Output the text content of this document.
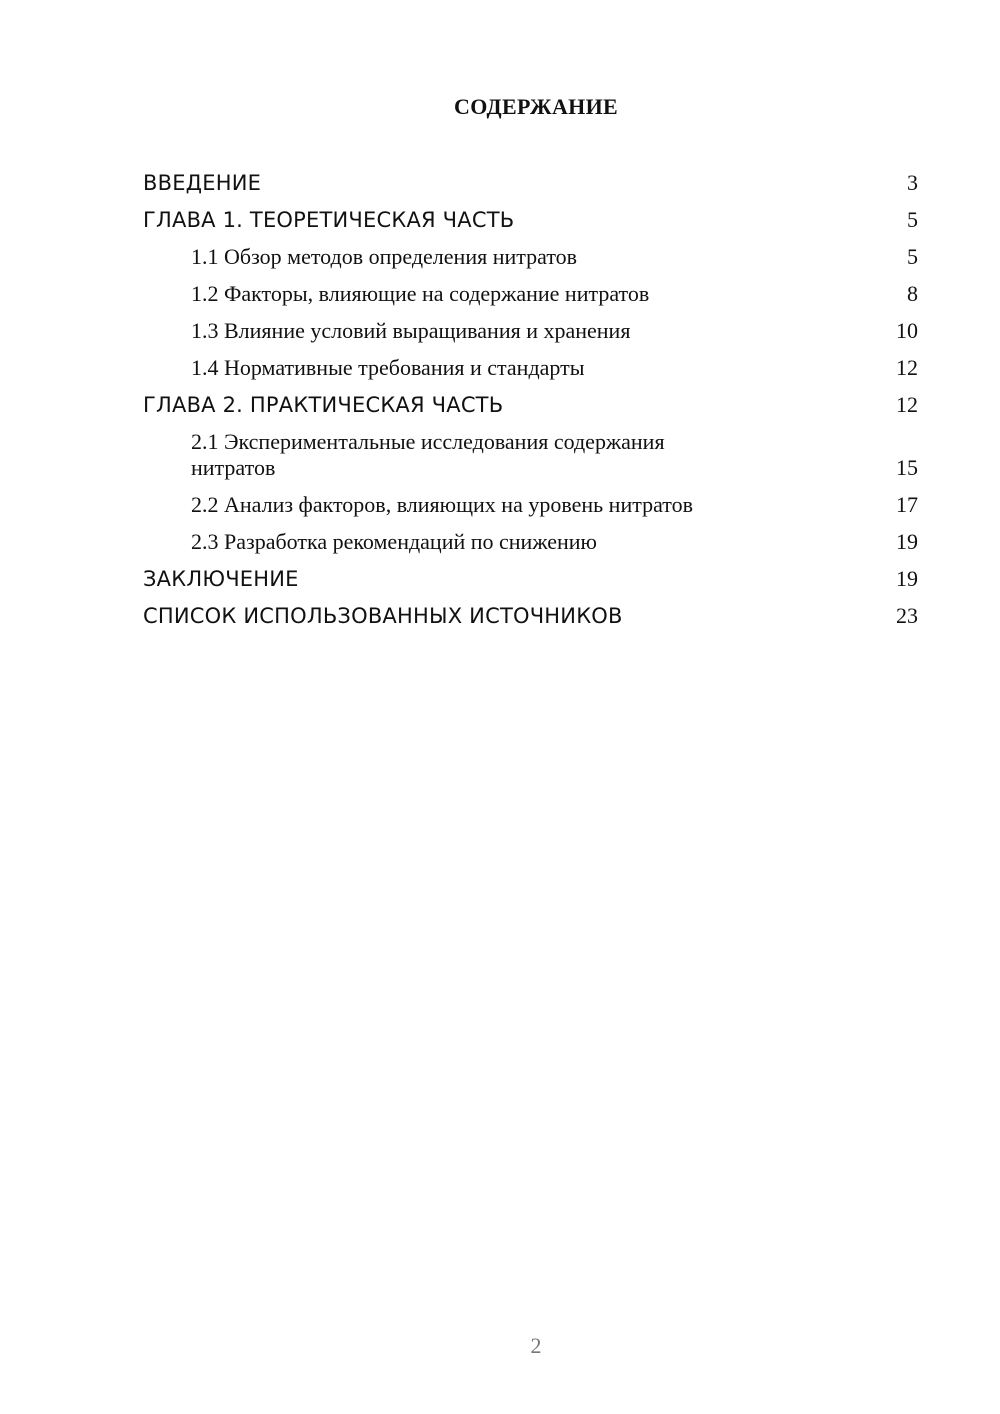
СОДЕРЖАНИЕ
ВВЕДЕНИЕ	3
ГЛАВА 1. ТЕОРЕТИЧЕСКАЯ ЧАСТЬ	5
1.1 Обзор методов определения нитратов	5
1.2 Факторы, влияющие на содержание нитратов	8
1.3 Влияние условий выращивания и хранения	10
1.4 Нормативные требования и стандарты	12
ГЛАВА 2. ПРАКТИЧЕСКАЯ ЧАСТЬ	12
2.1 Экспериментальные исследования содержания нитратов	15
2.2 Анализ факторов, влияющих на уровень нитратов	17
2.3 Разработка рекомендаций по снижению	19
ЗАКЛЮЧЕНИЕ	19
СПИСОК ИСПОЛЬЗОВАННЫХ ИСТОЧНИКОВ	23
2
